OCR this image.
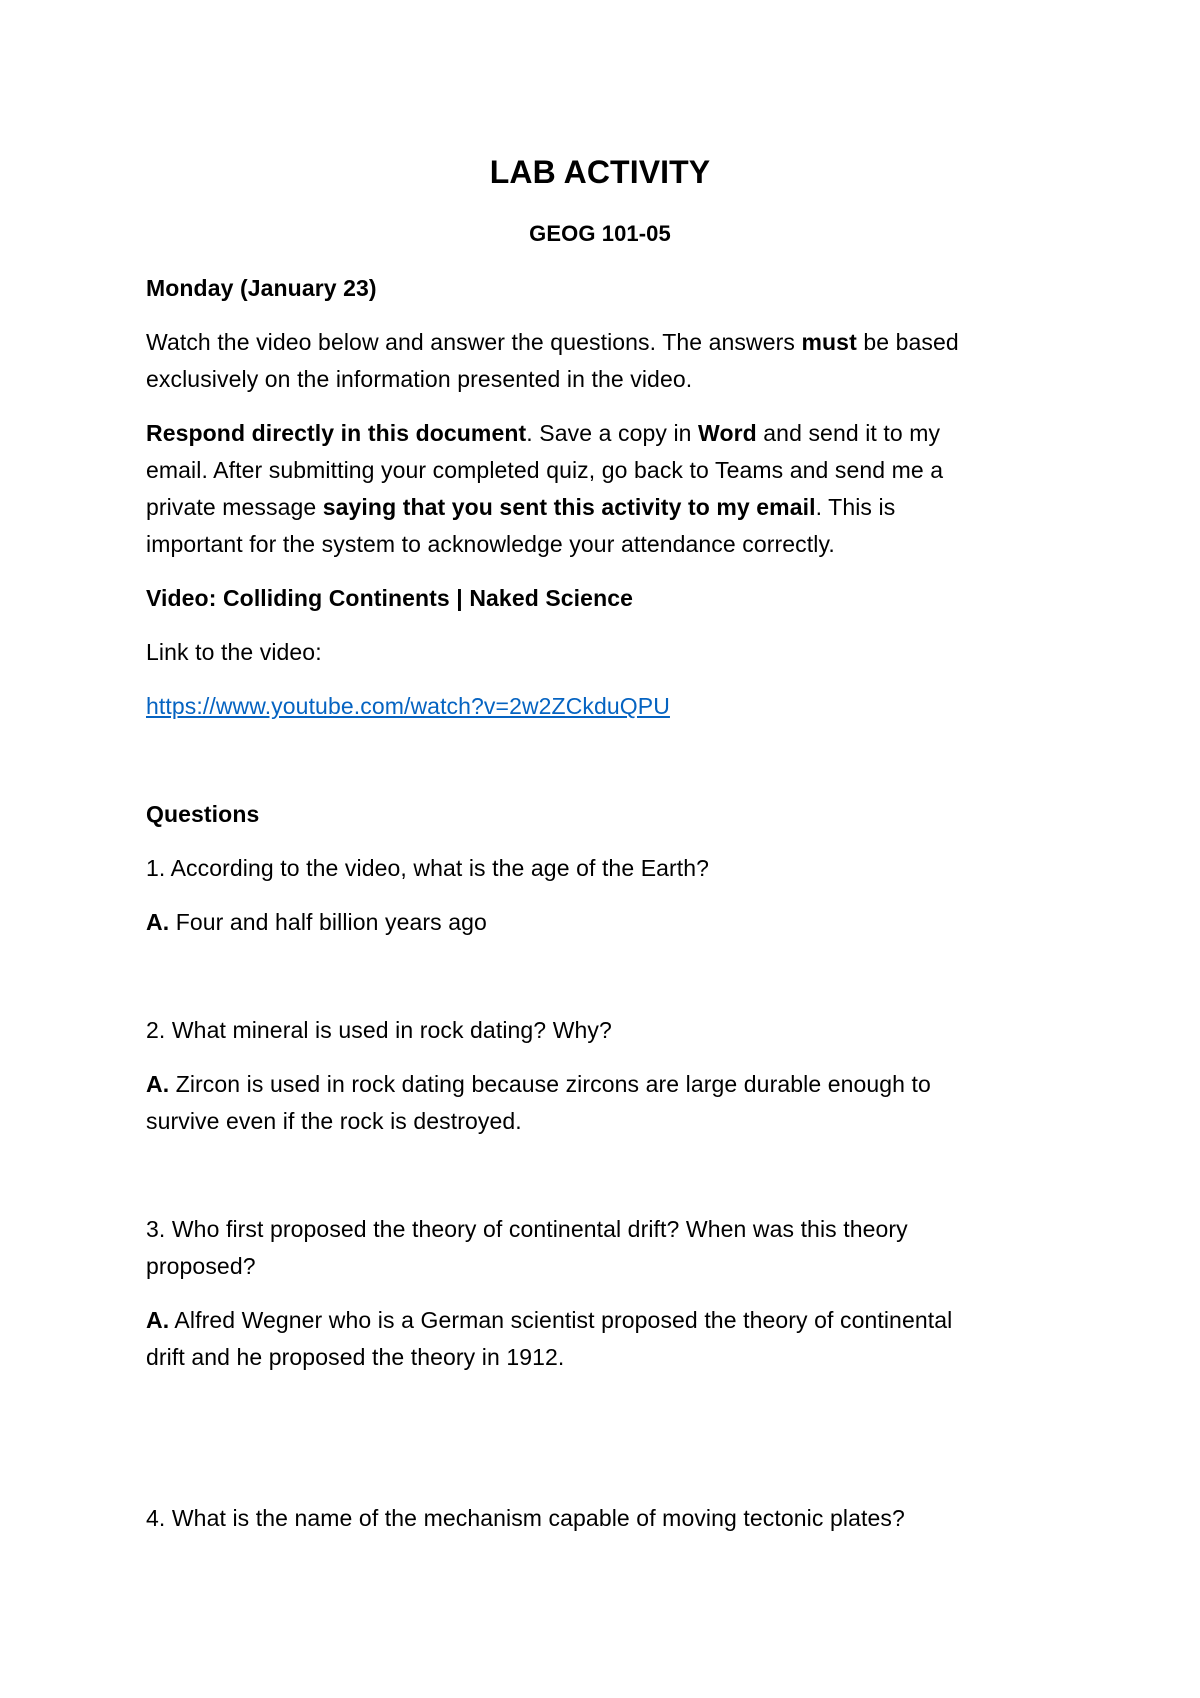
LAB ACTIVITY
GEOG 101-05
Monday (January 23)
Watch the video below and answer the questions. The answers must be based
exclusively on the information presented in the video.
Respond directly in this document. Save a copy in Word and send it to my
email. After submitting your completed quiz, go back to Teams and send me a
private message saying that you sent this activity to my email. This is
important for the system to acknowledge your attendance correctly.
Video: Colliding Continents | Naked Science
Link to the video:
https://www.youtube.com/watch?v=2w2ZCkduQPU
Questions
1. According to the video, what is the age of the Earth?
A. Four and half billion years ago
2. What mineral is used in rock dating? Why?
A. Zircon is used in rock dating because zircons are large durable enough to
survive even if the rock is destroyed.
3. Who first proposed the theory of continental drift? When was this theory
proposed?
A. Alfred Wegner who is a German scientist proposed the theory of continental
drift and he proposed the theory in 1912.
4. What is the name of the mechanism capable of moving tectonic plates?
